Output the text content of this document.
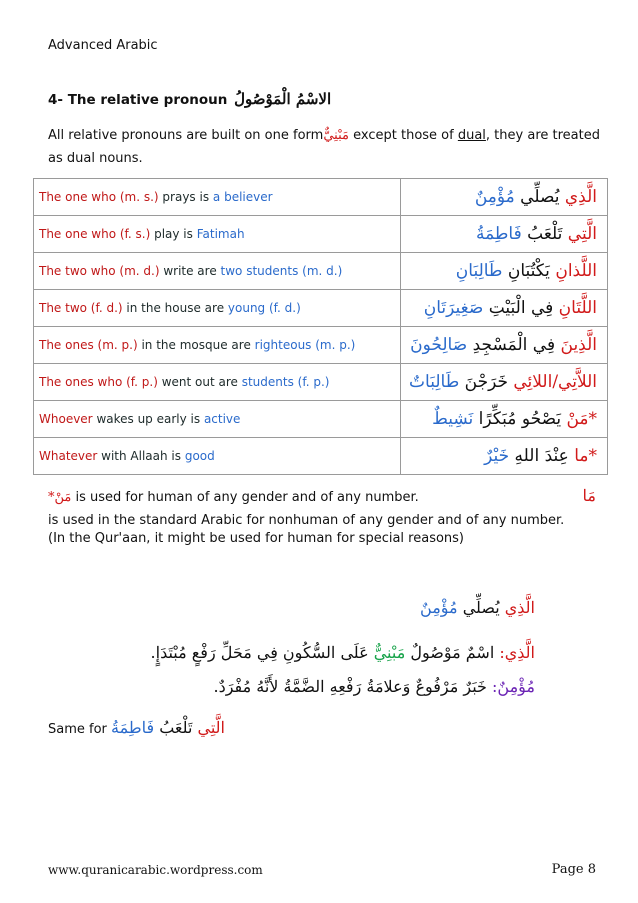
Advanced Arabic
4- The relative pronoun الاسْمُ الْمَوْصُولُ
All relative pronouns are built on one formمَبْنِيٌّ except those of dual, they are treated as dual nouns.
The one who (m. s.) prays is a believer	الَّذِي يُصلِّي مُؤْمِنٌ
The one who (f. s.) play is Fatimah	الَّتِي تَلْعَبُ فَاطِمَةُ
The two who (m. d.) write are two students (m. d.)	اللَّذانِ يَكْتُبَانِ طَالِبَانِ
The two (f. d.) in the house are young (f. d.)	اللَّتَانِ فِي الْبَيْتِ صَغِيرَتَانِ
The ones (m. p.) in the mosque are righteous (m. p.)	الَّذِينَ فِي الْمَسْجِدِ صَالِحُونَ
The ones who (f. p.) went out are students (f. p.)	اللاَّتِي/اللائِي خَرَجْنَ طَالِبَاتٌ
Whoever wakes up early is active	*مَنْ يَصْحُو مُبَكِّرًا نَشِيطٌ
Whatever with Allaah is good	*ما عِنْدَ اللهِ خَيْرٌ
*مَنْ is used for human of any gender and of any number.	مَا
is used in the standard Arabic for nonhuman of any gender and of any number.
(In the Qur'aan, it might be used for human for special reasons)
الَّذِي يُصلِّي مُؤْمِنٌ
الَّذِي: اسْمٌ مَوْصُولٌ مَبْنِيٌّ عَلَى السُّكُونِ فِي مَحَلِّ رَفْعٍ مُبْتَدَإٍ.
مُؤْمِنٌ: خَبَرٌ مَرْفُوعٌ وَعلامَةُ رَفْعِهِ الضَّمَّةُ لأَنَّهُ مُفْرَدٌ.
Same for	الَّتِي تَلْعَبُ فَاطِمَةُ
www.quranicarabic.wordpress.com	Page 8
